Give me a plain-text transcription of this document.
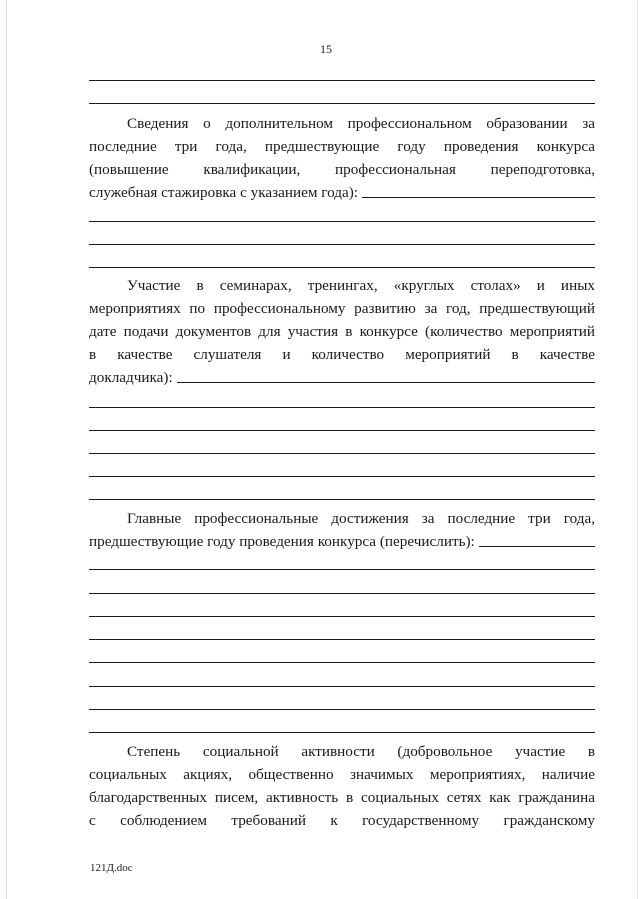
15
Сведения о дополнительном профессиональном образовании за
последние три года, предшествующие году проведения конкурса
(повышение квалификации, профессиональная переподготовка,
служебная стажировка с указанием года):
Участие в семинарах, тренингах, «круглых столах» и иных
мероприятиях по профессиональному развитию за год, предшествующий
дате подачи документов для участия в конкурсе (количество мероприятий
в качестве слушателя и количество мероприятий в качестве
докладчика):
Главные профессиональные достижения за последние три года,
предшествующие году проведения конкурса (перечислить):
Степень социальной активности (добровольное участие в
социальных акциях, общественно значимых мероприятиях, наличие
благодарственных писем, активность в социальных сетях как гражданина
с соблюдением требований к государственному гражданскому
121Д.doc
